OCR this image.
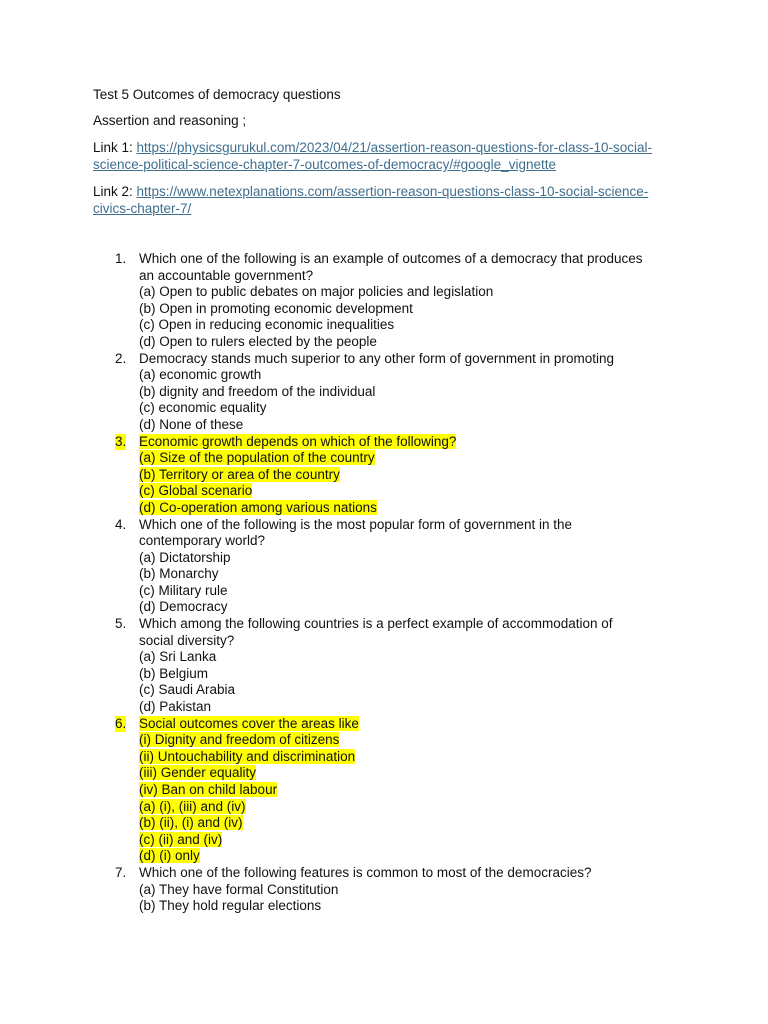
Test 5 Outcomes of democracy questions

Assertion and reasoning ;

Link 1: https://physicsgurukul.com/2023/04/21/assertion-reason-questions-for-class-10-social-science-political-science-chapter-7-outcomes-of-democracy/#google_vignette

Link 2: https://www.netexplanations.com/assertion-reason-questions-class-10-social-science-civics-chapter-7/

1. Which one of the following is an example of outcomes of a democracy that produces
an accountable government?
(a) Open to public debates on major policies and legislation
(b) Open in promoting economic development
(c) Open in reducing economic inequalities
(d) Open to rulers elected by the people
2. Democracy stands much superior to any other form of government in promoting
(a) economic growth
(b) dignity and freedom of the individual
(c) economic equality
(d) None of these
3. Economic growth depends on which of the following?
(a) Size of the population of the country
(b) Territory or area of the country
(c) Global scenario
(d) Co-operation among various nations
4. Which one of the following is the most popular form of government in the
contemporary world?
(a) Dictatorship
(b) Monarchy
(c) Military rule
(d) Democracy
5. Which among the following countries is a perfect example of accommodation of
social diversity?
(a) Sri Lanka
(b) Belgium
(c) Saudi Arabia
(d) Pakistan
6. Social outcomes cover the areas like
(i) Dignity and freedom of citizens
(ii) Untouchability and discrimination
(iii) Gender equality
(iv) Ban on child labour
(a) (i), (iii) and (iv)
(b) (ii), (i) and (iv)
(c) (ii) and (iv)
(d) (i) only
7. Which one of the following features is common to most of the democracies?
(a) They have formal Constitution
(b) They hold regular elections
